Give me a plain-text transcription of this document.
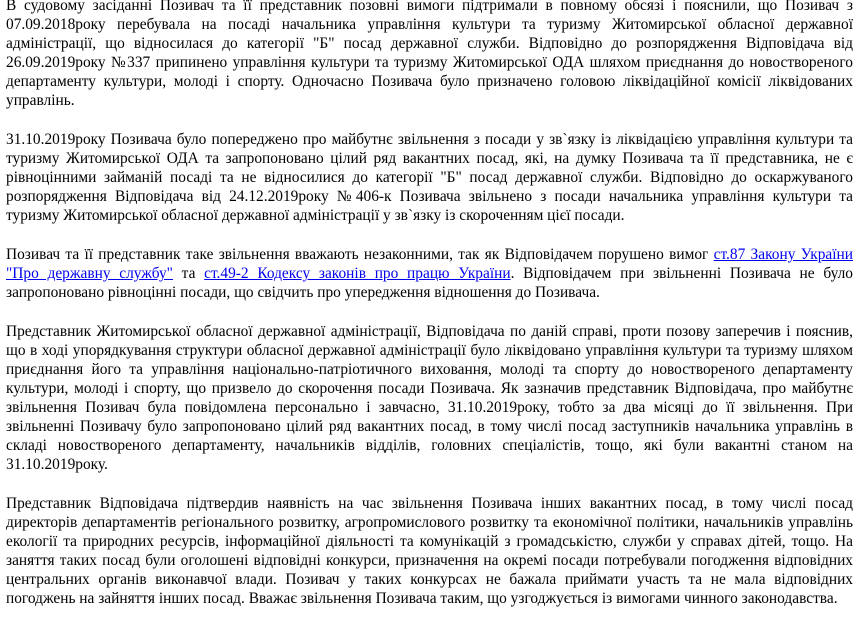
В судовому засіданні Позивач та її представник позовні вимоги підтримали в повному обсязі і пояснили, що Позивач з 07.09.2018року перебувала на посаді начальника управління культури та туризму Житомирської обласної державної адміністрації, що відносилася до категорії "Б" посад державної служби. Відповідно до розпорядження Відповідача від 26.09.2019року №337 припинено управління культури та туризму Житомирської ОДА шляхом приєднання до новоствореного департаменту культури, молоді і спорту. Одночасно Позивача було призначено головою ліквідаційної комісії ліквідованих управлінь.

31.10.2019року Позивача було попереджено про майбутнє звільнення з посади у зв`язку із ліквідацією управління культури та туризму Житомирської ОДА та запропоновано цілий ряд вакантних посад, які, на думку Позивача та її представника, не є рівноцінними займаній посаді та не відносилися до категорії "Б" посад державної служби. Відповідно до оскаржуваного розпорядження Відповідача від 24.12.2019року №406-к Позивача звільнено з посади начальника управління культури та туризму Житомирської обласної державної адміністрації у зв`язку із скороченням цієї посади.

Позивач та її представник таке звільнення вважають незаконними, так як Відповідачем порушено вимог ст.87 Закону України "Про державну службу" та ст.49-2 Кодексу законів про працю України. Відповідачем при звільненні Позивача не було запропоновано рівноцінні посади, що свідчить про упередження відношення до Позивача.

Представник Житомирської обласної державної адміністрації, Відповідача по даній справі, проти позову заперечив і пояснив, що в ході упорядкування структури обласної державної адміністрації було ліквідовано управління культури та туризму шляхом приєднання його та управління національно-патріотичного виховання, молоді та спорту до новоствореного департаменту культури, молоді і спорту, що призвело до скорочення посади Позивача. Як зазначив представник Відповідача, про майбутнє звільнення Позивач була повідомлена персонально і завчасно, 31.10.2019року, тобто за два місяці до її звільнення. При звільненні Позивачу було запропоновано цілий ряд вакантних посад, в тому числі посад заступників начальника управлінь в складі новоствореного департаменту, начальників відділів, головних спеціалістів, тощо, які були вакантні станом на 31.10.2019року.

Представник Відповідача підтвердив наявність на час звільнення Позивача інших вакантних посад, в тому числі посад директорів департаментів регіонального розвитку, агропромислового розвитку та економічної політики, начальників управлінь екології та природних ресурсів, інформаційної діяльності та комунікацій з громадськістю, служби у справах дітей, тощо. На заняття таких посад були оголошені відповідні конкурси, призначення на окремі посади потребували погодження відповідних центральних органів виконавчої влади. Позивач у таких конкурсах не бажала приймати участь та не мала відповідних погоджень на зайняття інших посад. Вважає звільнення Позивача таким, що узгоджується із вимогами чинного законодавства.
